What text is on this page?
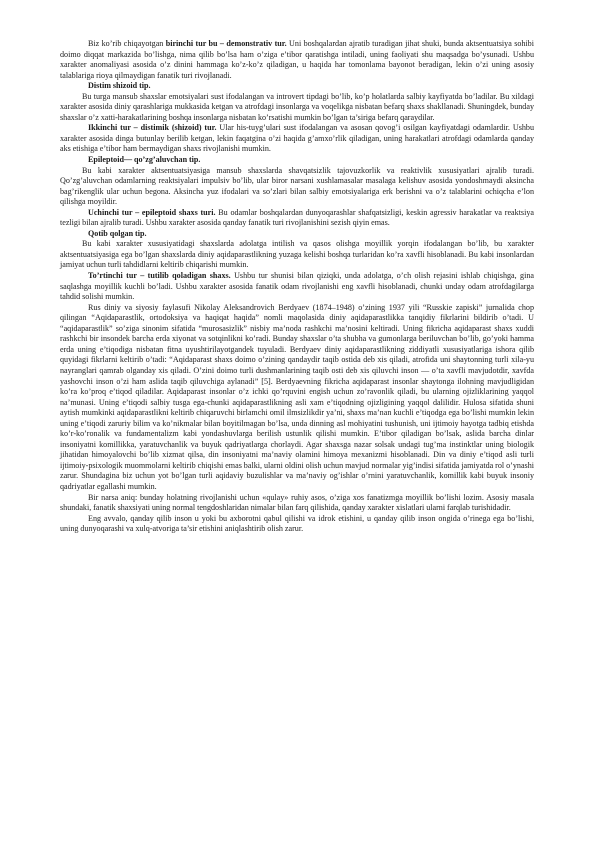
Biz ko’rib chiqayotgan birinchi tur bu – demonstrativ tur. Uni boshqalardan ajratib turadigan jihat shuki, bunda aktsentuatsiya sohibi doimo diqqat markazida bo’lishga, nima qilib bo’lsa ham o’ziga e’tibor qaratishga intiladi, uning faoliyati shu maqsadga bo’ysunadi. Ushbu xarakter anomaliyasi asosida o’z dinini hammaga ko’z-ko’z qiladigan, u haqida har tomonlama bayonot beradigan, lekin o’zi uning asosiy talablariga rioya qilmaydigan fanatik turi rivojlanadi.

Distim shizoid tip.

Bu turga mansub shaxslar emotsiyalari sust ifodalangan va introvert tipdagi bo’lib, ko’p holatlarda salbiy kayfiyatda bo’ladilar. Bu xildagi xarakter asosida diniy qarashlariga mukkasida ketgan va atrofdagi insonlarga va voqelikga nisbatan befarq shaxs shakllanadi. Shuningdek, bunday shaxslar o’z xatti-harakatlarining boshqa insonlarga nisbatan ko’rsatishi mumkin bo’lgan ta’siriga befarq qaraydilar.

Ikkinchi tur – distimik (shizoid) tur. Ular his-tuyg’ulari sust ifodalangan va asosan qovog’i osilgan kayfiyatdagi odamlardir. Ushbu xarakter asosida dinga butunlay berilib ketgan, lekin faqatgina o’zi haqida g’amxo’rlik qiladigan, uning harakatlari atrofdagi odamlarda qanday aks etishiga e’tibor ham bermaydigan shaxs rivojlanishi mumkin.

Epileptoid— qo’zg’aluvchan tip.

Bu kabi xarakter aktsentuatsiyasiga mansub shaxslarda shavqatsizlik tajovuzkorlik va reaktivlik xususiyatlari ajralib turadi. Qo’zg’aluvchan odamlarning reaktsiyalari impulsiv bo’lib, ular biror narsani xushlamasalar masalaga kelishuv asosida yondoshmaydi aksincha bag’rikenglik ular uchun begona. Aksincha yuz ifodalari va so’zlari bilan salbiy emotsiyalariga erk berishni va o’z talablarini ochiqcha e’lon qilishga moyildir.

Uchinchi tur – epileptoid shaxs turi. Bu odamlar boshqalardan dunyoqarashlar shafqatsizligi, keskin agressiv harakatlar va reaktsiya tezligi bilan ajralib turadi. Ushbu xarakter asosida qanday fanatik turi rivojlanishini sezish qiyin emas.

Qotib qolgan tip.

Bu kabi xarakter xususiyatidagi shaxslarda adolatga intilish va qasos olishga moyillik yorqin ifodalangan bo’lib, bu xarakter aktsentuatsiyasiga ega bo’lgan shaxslarda diniy aqidaparastlikning yuzaga kelishi boshqa turlaridan ko’ra xavfli hisoblanadi. Bu kabi insonlardan jamiyat uchun turli tahdidlarni keltirib chiqarishi mumkin.

To’rtinchi tur – tutilib qoladigan shaxs. Ushbu tur shunisi bilan qiziqki, unda adolatga, o’ch olish rejasini ishlab chiqishga, gina saqlashga moyillik kuchli bo’ladi. Ushbu xarakter asosida fanatik odam rivojlanishi eng xavfli hisoblanadi, chunki unday odam atrofdagilarga tahdid solishi mumkin.

Rus diniy va siyosiy faylasufi Nikolay Aleksandrovich Berdyaev (1874–1948) o’zining 1937 yili “Russkie zapiski” jurnalida chop qilingan “Aqidaparastlik, ortodoksiya va haqiqat haqida” nomli maqolasida diniy aqidaparastlikka tanqidiy fikrlarini bildirib o’tadi. U “aqidaparastlik” so’ziga sinonim sifatida “murosasizlik” nisbiy ma’noda rashkchi ma’nosini keltiradi. Uning fikricha aqidaparast shaxs xuddi rashkchi bir insondek barcha erda xiyonat va sotqinlikni ko’radi. Bunday shaxslar o’ta shubha va gumonlarga beriluvchan bo’lib, go’yoki hamma erda uning e’tiqodiga nisbatan fitna uyushtirilayotgandek tuyuladi. Berdyaev diniy aqidaparastlikning ziddiyatli xususiyatlariga ishora qilib quyidagi fikrlarni keltirib o’tadi: “Aqidaparast shaxs doimo o’zining qandaydir taqib ostida deb xis qiladi, atrofida uni shaytonning turli xila-yu nayranglari qamrab olganday xis qiladi. O’zini doimo turli dushmanlarining taqib osti deb xis qiluvchi inson — o’ta xavfli mavjudotdir, xavfda yashovchi inson o’zi ham aslida taqib qiluvchiga aylanadi” [5]. Berdyaevning fikricha aqidaparast insonlar shaytonga ilohning mavjudligidan ko’ra ko’proq e’tiqod qiladilar. Aqidaparast insonlar o’z ichki qo’rquvini engish uchun zo’ravonlik qiladi, bu ularning ojizliklarining yaqqol na’munasi. Uning e’tiqodi salbiy tusga ega-chunki aqidaparastlikning asli xam e’tiqodning ojizligining yaqqol dalilidir. Hulosa sifatida shuni aytish mumkinki aqidaparastlikni keltirib chiqaruvchi birlamchi omil ilmsizlikdir ya’ni, shaxs ma’nan kuchli e’tiqodga ega bo’lishi mumkin lekin uning e’tiqodi zaruriy bilim va ko’nikmalar bilan boyitilmagan bo’lsa, unda dinning asl mohiyatini tushunish, uni ijtimoiy hayotga tadbiq etishda ko’r-ko’ronalik va fundamentalizm kabi yondashuvlarga berilish ustunlik qilishi mumkin. E’tibor qiladigan bo’lsak, aslida barcha dinlar insoniyatni komillikka, yaratuvchanlik va buyuk qadriyatlarga chorlaydi. Agar shaxsga nazar solsak undagi tug’ma instinktlar uning biologik jihatidan himoyalovchi bo’lib xizmat qilsa, din insoniyatni ma’naviy olamini himoya mexanizmi hisoblanadi. Din va diniy e’tiqod asli turli ijtimoiy-psixologik muommolarni keltirib chiqishi emas balki, ularni oldini olish uchun mavjud normalar yig’indisi sifatida jamiyatda rol o’ynashi zarur. Shundagina biz uchun yot bo’lgan turli aqidaviy buzulishlar va ma’naviy og’ishlar o’rnini yaratuvchanlik, komillik kabi buyuk insoniy qadriyatlar egallashi mumkin.

Bir narsa aniq: bunday holatning rivojlanishi uchun «qulay» ruhiy asos, o’ziga xos fanatizmga moyillik bo’lishi lozim. Asosiy masala shundaki, fanatik shaxsiyati uning normal tengdoshlaridan nimalar bilan farq qilishida, qanday xarakter xislatlari ularni farqlab turishidadir.

Eng avvalo, qanday qilib inson u yoki bu axborotni qabul qilishi va idrok etishini, u qanday qilib inson ongida o’rinega ega bo’lishi, uning dunyoqarashi va xulq-atvoriga ta’sir etishini aniqlashtirib olish zarur.
